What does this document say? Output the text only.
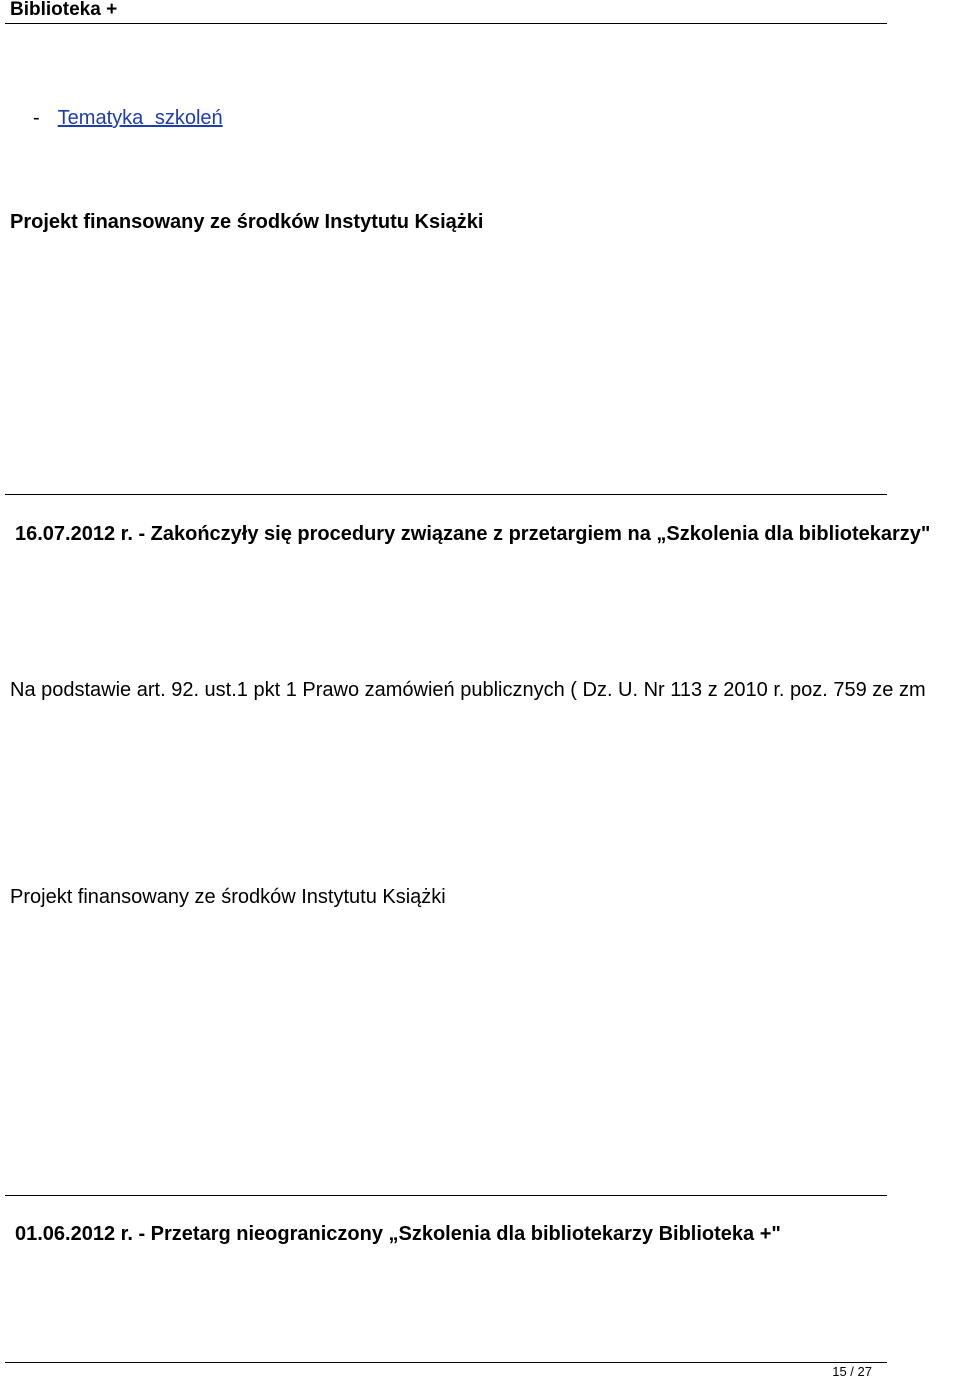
Biblioteka +
- Tematyka szkoleń
Projekt finansowany ze środków Instytutu Książki
16.07.2012 r. - Zakończyły się procedury związane z przetargiem na „Szkolenia dla bibliotekarzy"
Na podstawie art. 92. ust.1 pkt 1 Prawo zamówień publicznych ( Dz. U. Nr 113 z 2010 r. poz. 759 ze zm
Projekt finansowany ze środków Instytutu Książki
01.06.2012 r. - Przetarg nieograniczony „Szkolenia dla bibliotekarzy Biblioteka +"
15 / 27
